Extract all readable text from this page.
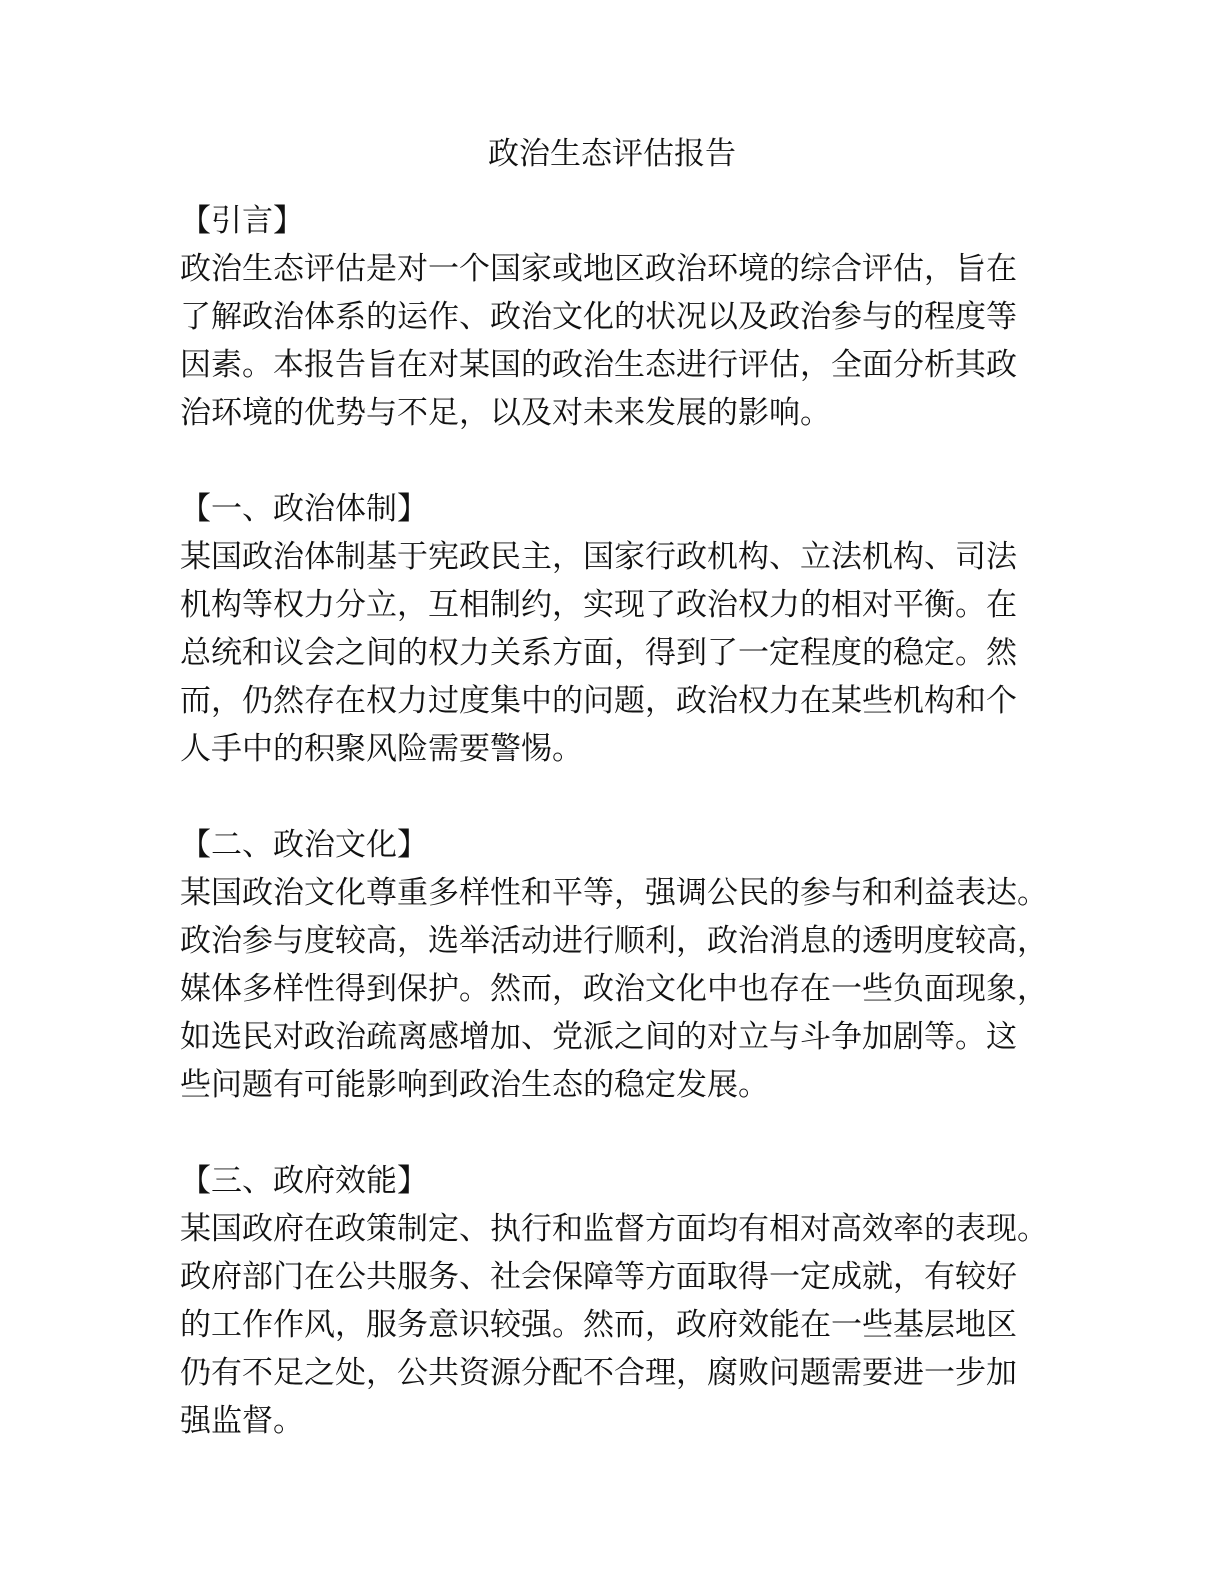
政治生态评估报告
【引言】

政治生态评估是对一个国家或地区政治环境的综合评估，旨在
了解政治体系的运作、政治文化的状况以及政治参与的程度等
因素。本报告旨在对某国的政治生态进行评估，全面分析其政
治环境的优势与不足，以及对未来发展的影响。

【一、政治体制】

某国政治体制基于宪政民主，国家行政机构、立法机构、司法
机构等权力分立，互相制约，实现了政治权力的相对平衡。在
总统和议会之间的权力关系方面，得到了一定程度的稳定。然
而，仍然存在权力过度集中的问题，政治权力在某些机构和个
人手中的积聚风险需要警惕。

【二、政治文化】

某国政治文化尊重多样性和平等，强调公民的参与和利益表达。
政治参与度较高，选举活动进行顺利，政治消息的透明度较高，
媒体多样性得到保护。然而，政治文化中也存在一些负面现象，
如选民对政治疏离感增加、党派之间的对立与斗争加剧等。这
些问题有可能影响到政治生态的稳定发展。

【三、政府效能】

某国政府在政策制定、执行和监督方面均有相对高效率的表现。
政府部门在公共服务、社会保障等方面取得一定成就，有较好
的工作作风，服务意识较强。然而，政府效能在一些基层地区
仍有不足之处，公共资源分配不合理，腐败问题需要进一步加
强监督。
